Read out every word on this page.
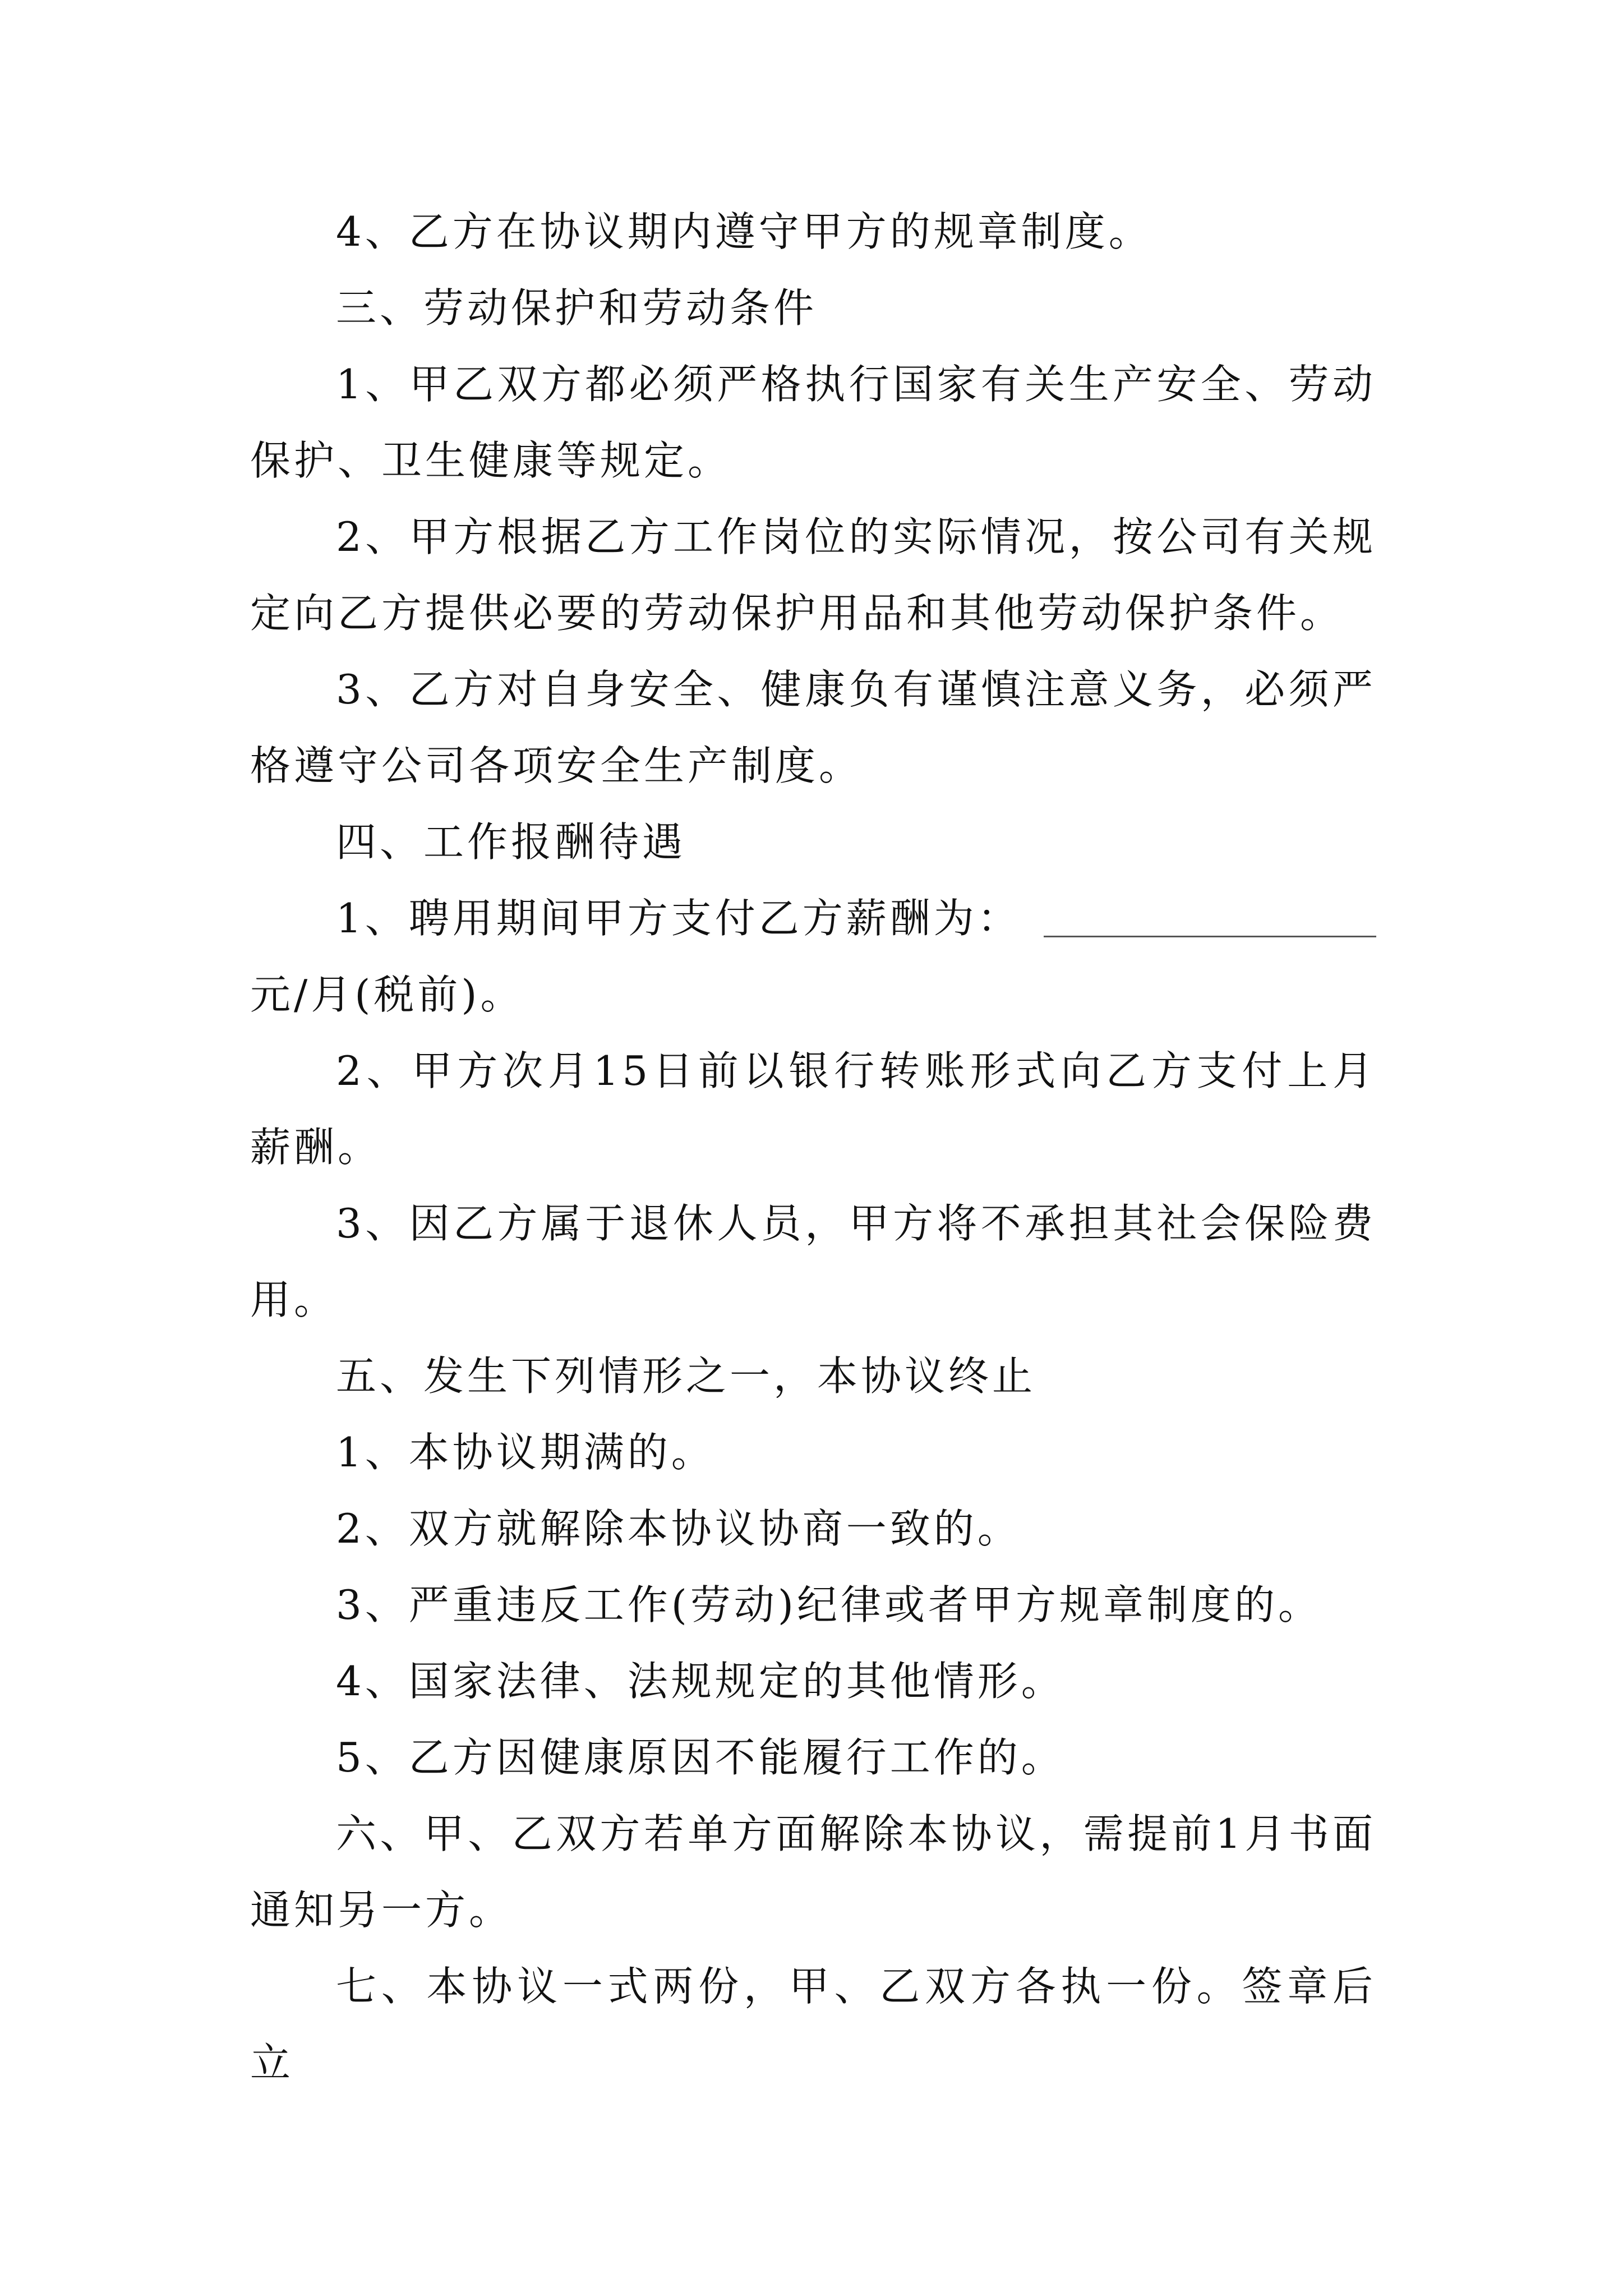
4、乙方在协议期内遵守甲方的规章制度。

三、劳动保护和劳动条件

1、甲乙双方都必须严格执行国家有关生产安全、劳动保护、卫生健康等规定。

2、甲方根据乙方工作岗位的实际情况，按公司有关规定向乙方提供必要的劳动保护用品和其他劳动保护条件。

3、乙方对自身安全、健康负有谨慎注意义务，必须严格遵守公司各项安全生产制度。

四、工作报酬待遇

1、聘用期间甲方支付乙方薪酬为：

元/月(税前)。

2、甲方次月15日前以银行转账形式向乙方支付上月薪酬。

3、因乙方属于退休人员，甲方将不承担其社会保险费用。

五、发生下列情形之一，本协议终止

1、本协议期满的。

2、双方就解除本协议协商一致的。

3、严重违反工作(劳动)纪律或者甲方规章制度的。

4、国家法律、法规规定的其他情形。

5、乙方因健康原因不能履行工作的。

六、甲、乙双方若单方面解除本协议，需提前1月书面通知另一方。

七、本协议一式两份，甲、乙双方各执一份。签章后立
